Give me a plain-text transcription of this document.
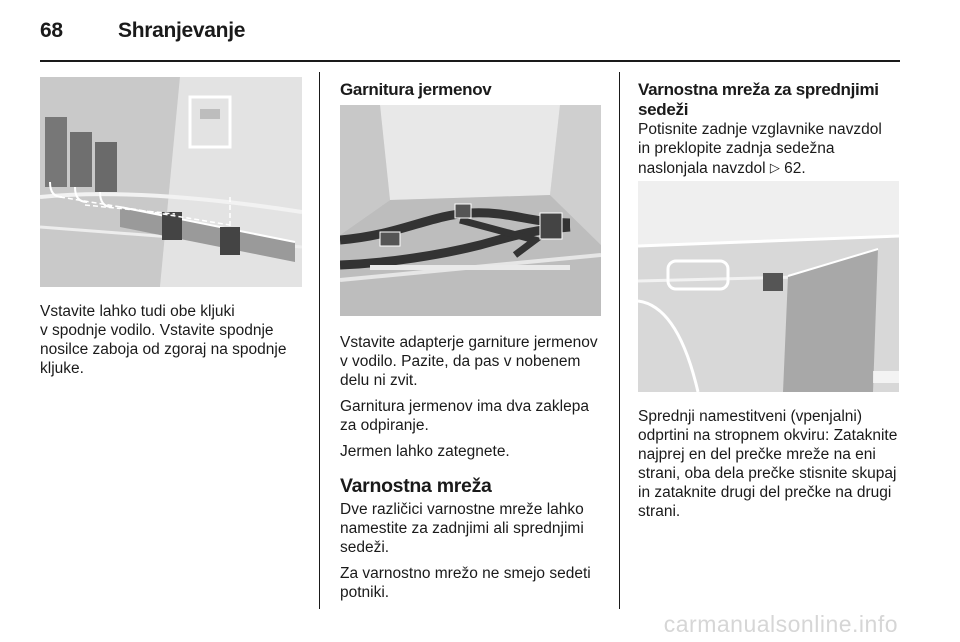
68	Shranjevanje

Vstavite lahko tudi obe kljuki
v spodnje vodilo. Vstavite spodnje
nosilce zaboja od zgoraj na spodnje
kljuke.

Garnitura jermenov

Vstavite adapterje garniture jermenov
v vodilo. Pazite, da pas v nobenem
delu ni zvit.

Garnitura jermenov ima dva zaklepa
za odpiranje.

Jermen lahko zategnete.

Varnostna mreža

Dve različici varnostne mreže lahko
namestite za zadnjimi ali sprednjimi
sedeži.

Za varnostno mrežo ne smejo sedeti
potniki.

Varnostna mreža za sprednjimi
sedeži

Potisnite zadnje vzglavnike navzdol
in preklopite zadnja sedežna
naslonjala navzdol ▷ 62.

Sprednji namestitveni (vpenjalni)
odprtini na stropnem okviru: Zataknite
najprej en del prečke mreže na eni
strani, oba dela prečke stisnite skupaj
in zataknite drugi del prečke na drugi
strani.

carmanualsonline.info
